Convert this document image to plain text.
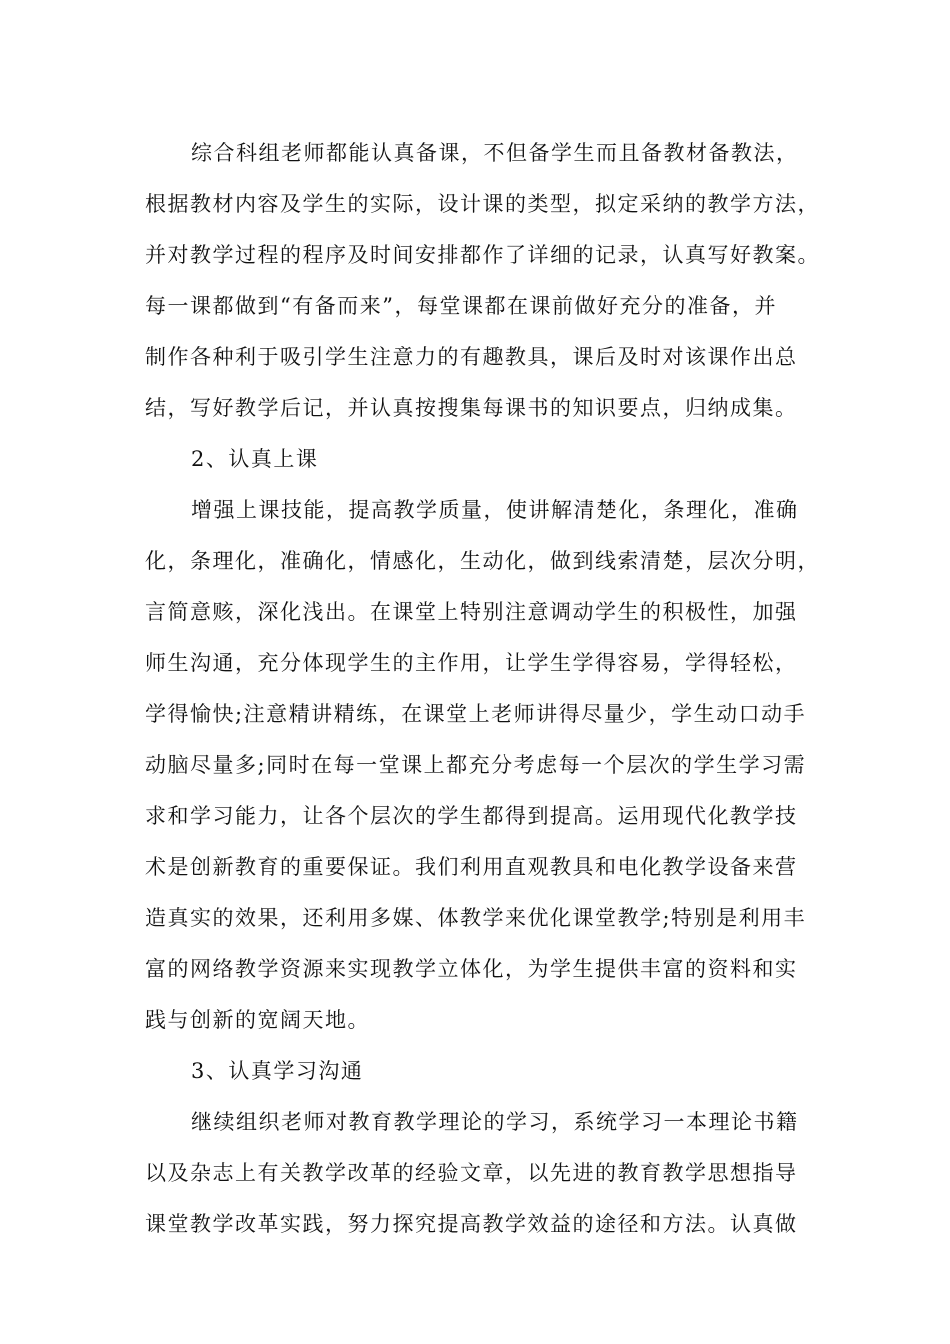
综合科组老师都能认真备课，不但备学生而且备教材备教法，
根据教材内容及学生的实际，设计课的类型，拟定采纳的教学方法，
并对教学过程的程序及时间安排都作了详细的记录，认真写好教案。
每一课都做到“有备而来”，每堂课都在课前做好充分的准备，并
制作各种利于吸引学生注意力的有趣教具，课后及时对该课作出总
结，写好教学后记，并认真按搜集每课书的知识要点，归纳成集。
2、认真上课
增强上课技能，提高教学质量，使讲解清楚化，条理化，准确
化，条理化，准确化，情感化，生动化，做到线索清楚，层次分明，
言简意赅，深化浅出。在课堂上特别注意调动学生的积极性，加强
师生沟通，充分体现学生的主作用，让学生学得容易，学得轻松，
学得愉快;注意精讲精练，在课堂上老师讲得尽量少，学生动口动手
动脑尽量多;同时在每一堂课上都充分考虑每一个层次的学生学习需
求和学习能力，让各个层次的学生都得到提高。运用现代化教学技
术是创新教育的重要保证。我们利用直观教具和电化教学设备来营
造真实的效果，还利用多媒、体教学来优化课堂教学;特别是利用丰
富的网络教学资源来实现教学立体化，为学生提供丰富的资料和实
践与创新的宽阔天地。
3、认真学习沟通
继续组织老师对教育教学理论的学习，系统学习一本理论书籍
以及杂志上有关教学改革的经验文章，以先进的教育教学思想指导
课堂教学改革实践，努力探究提高教学效益的途径和方法。认真做
